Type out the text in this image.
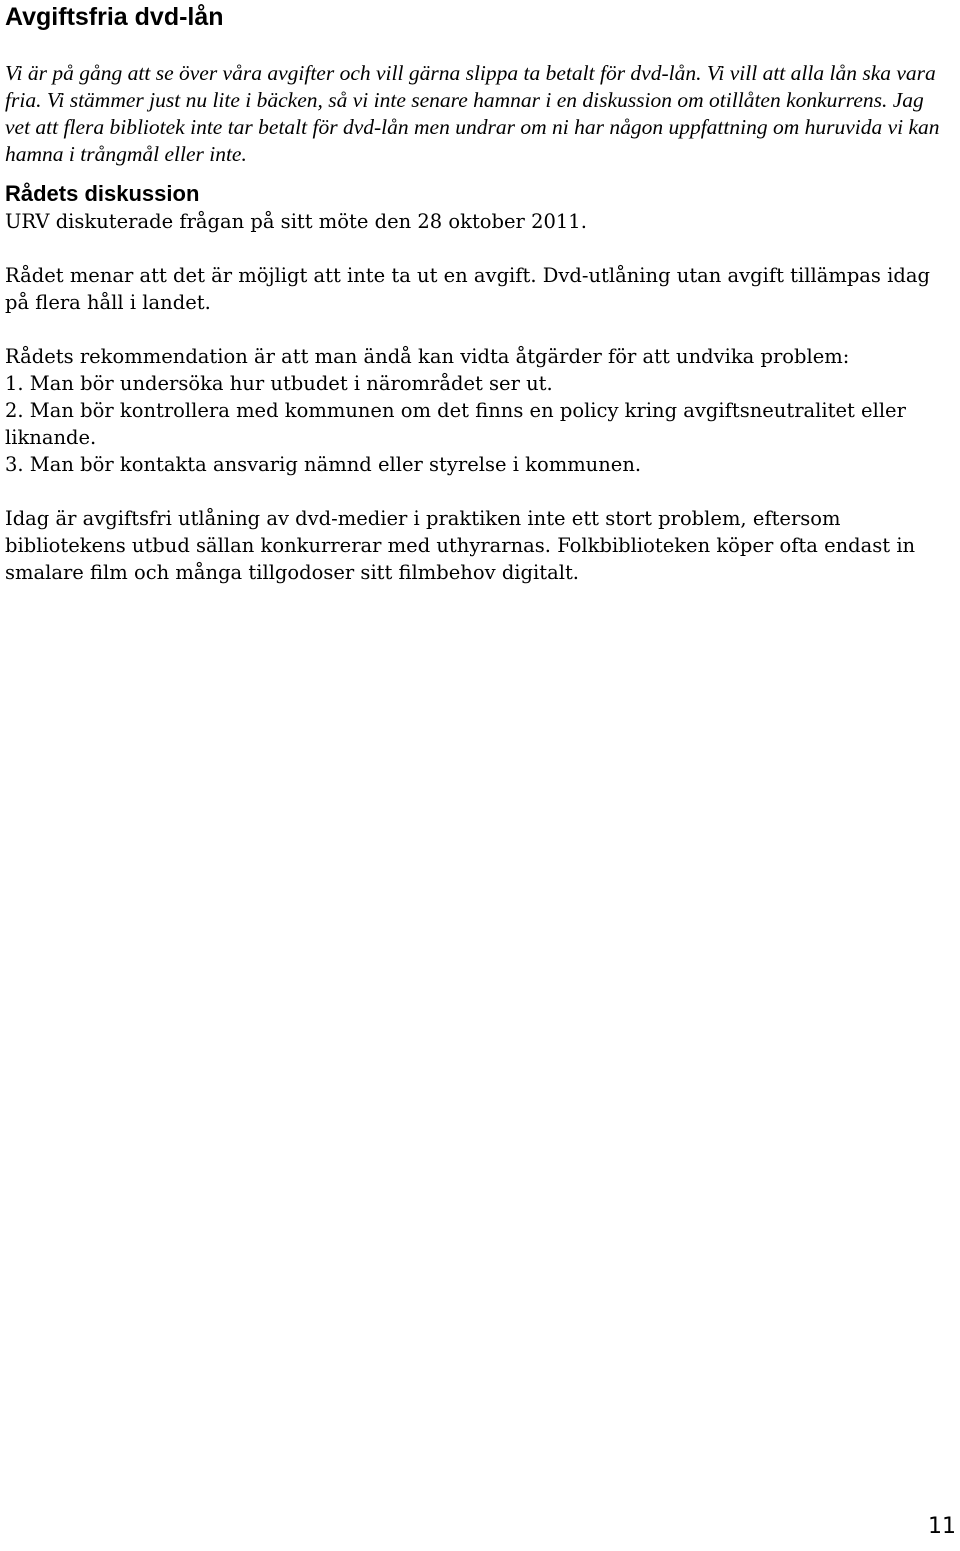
Avgiftsfria dvd-lån

Vi är på gång att se över våra avgifter och vill gärna slippa ta betalt för dvd-lån. Vi vill att alla lån ska vara fria. Vi stämmer just nu lite i bäcken, så vi inte senare hamnar i en diskussion om otillåten konkurrens. Jag vet att flera bibliotek inte tar betalt för dvd-lån men undrar om ni har någon uppfattning om huruvida vi kan hamna i trångmål eller inte.

Rådets diskussion

URV diskuterade frågan på sitt möte den 28 oktober 2011.

Rådet menar att det är möjligt att inte ta ut en avgift. Dvd-utlåning utan avgift tillämpas idag på flera håll i landet.

Rådets rekommendation är att man ändå kan vidta åtgärder för att undvika problem:
1. Man bör undersöka hur utbudet i närområdet ser ut.
2. Man bör kontrollera med kommunen om det finns en policy kring avgiftsneutralitet eller liknande.
3. Man bör kontakta ansvarig nämnd eller styrelse i kommunen.

Idag är avgiftsfri utlåning av dvd-medier i praktiken inte ett stort problem, eftersom bibliotekens utbud sällan konkurrerar med uthyrarnas. Folkbiblioteken köper ofta endast in smalare film och många tillgodoser sitt filmbehov digitalt.

11
